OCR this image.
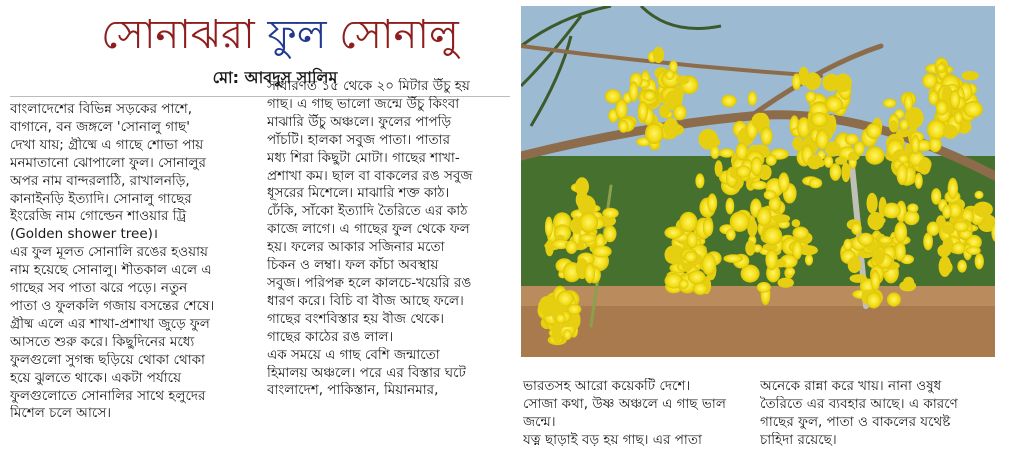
সোনাঝরা ফুল সোনালু
মো: আবদুস সালিম
বাংলাদেশের বিভিন্ন সড়কের পাশে,
বাগানে, বন জঙ্গলে 'সোনালু গাছ'
দেখা যায়; গ্রীষ্মে এ গাছে শোভা পায়
মনমাতানো ঝোপালো ফুল। সোনালুর
অপর নাম বান্দরলাঠি, রাখালনড়ি,
কানাইনড়ি ইত্যাদি। সোনালু গাছের
ইংরেজি নাম গোল্ডেন শাওয়ার ট্রি
(Golden shower tree)।
এর ফুল মূলত সোনালি রঙের হওয়ায়
নাম হয়েছে সোনালু। শীতকাল এলে এ
গাছের সব পাতা ঝরে পড়ে। নতুন
পাতা ও ফুলকলি গজায় বসন্তের শেষে।
গ্রীষ্ম এলে এর শাখা-প্রশাখা জুড়ে ফুল
আসতে শুরু করে। কিছুদিনের মধ্যে
ফুলগুলো সুগন্ধ ছড়িয়ে থোকা থোকা
হয়ে ঝুলতে থাকে। একটা পর্যায়ে
ফুলগুলোতে সোনালির সাথে হলুদের
মিশেল চলে আসে।
সাধারণত ১৫ থেকে ২০ মিটার উঁচু হয়
গাছ। এ গাছ ভালো জন্মে উঁচু কিংবা
মাঝারি উঁচু অঞ্চলে। ফুলের পাপড়ি
পাঁচটি। হালকা সবুজ পাতা। পাতার
মধ্য শিরা কিছুটা মোটা। গাছের শাখা-
প্রশাখা কম। ছাল বা বাকলের রঙ সবুজ
ধূসরের মিশেলে। মাঝারি শক্ত কাঠ।
ঢেঁকি, সাঁকো ইত্যাদি তৈরিতে এর কাঠ
কাজে লাগে। এ গাছের ফুল থেকে ফল
হয়। ফলের আকার সজিনার মতো
চিকন ও লম্বা। ফল কাঁচা অবস্থায়
সবুজ। পরিপক্ব হলে কালচে-খয়েরি রঙ
ধারণ করে। বিচি বা বীজ আছে ফলে।
গাছের বংশবিস্তার হয় বীজ থেকে।
গাছের কাঠের রঙ লাল।
এক সময়ে এ গাছ বেশি জন্মাতো
হিমালয় অঞ্চলে। পরে এর বিস্তার ঘটে
বাংলাদেশ, পাকিস্তান, মিয়ানমার,	ভারতসহ আরো কয়েকটি দেশে।
সোজা কথা, উষ্ণ অঞ্চলে এ গাছ ভাল
জন্মে।
যত্ন ছাড়াই বড় হয় গাছ। এর পাতা
অনেকে রান্না করে খায়। নানা ওষুধ
তৈরিতে এর ব্যবহার আছে। এ কারণে
গাছের ফুল, পাতা ও বাকলের যথেষ্ট
চাহিদা রয়েছে।
